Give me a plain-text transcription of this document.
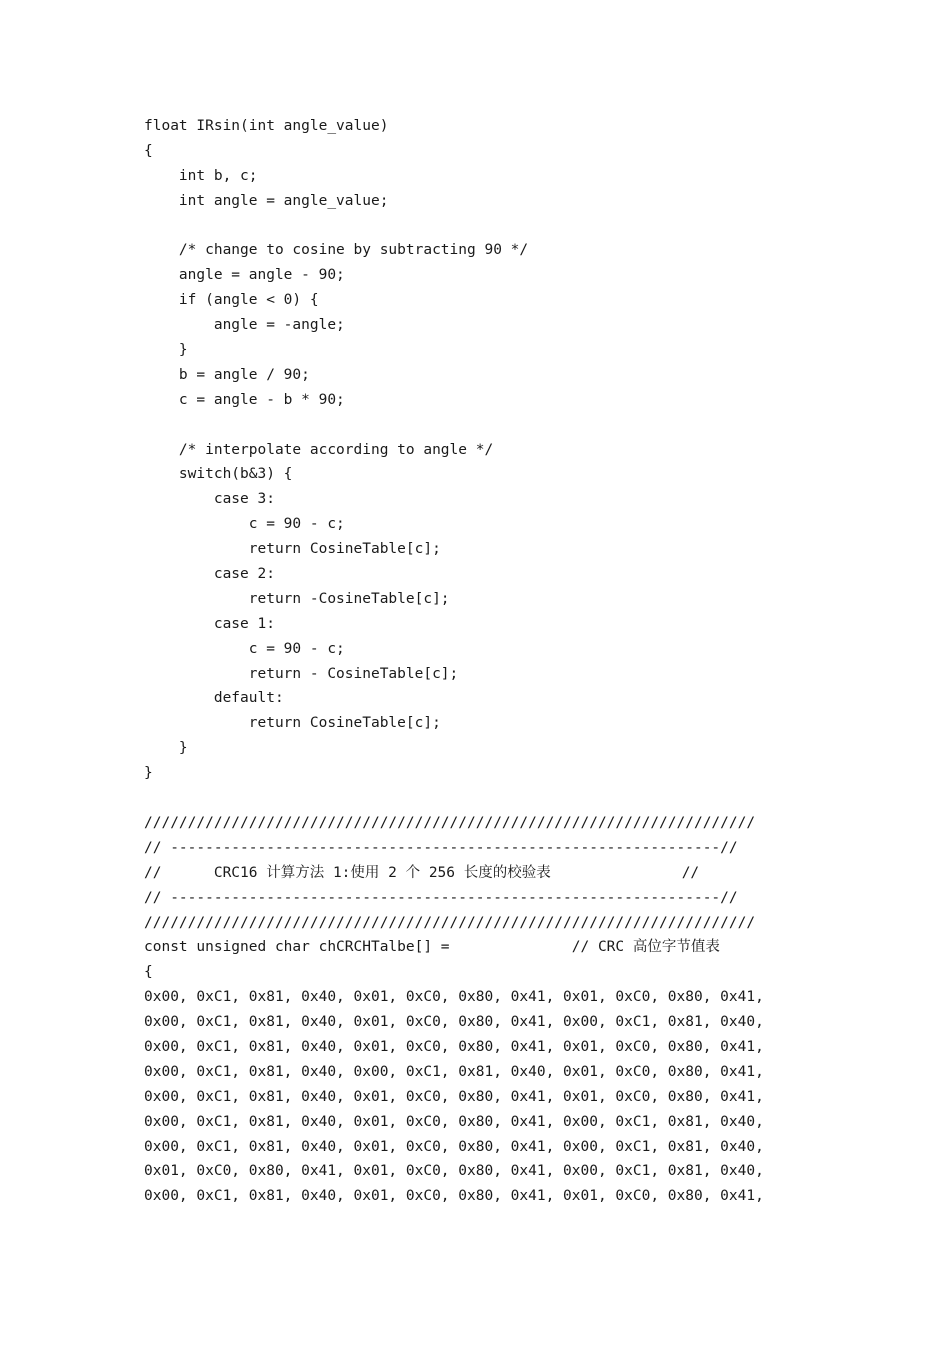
float IRsin(int angle_value)
{
int b, c;
int angle = angle_value;
/* change to cosine by subtracting 90 */
angle = angle - 90;
if (angle < 0) {
angle = -angle;
}
b = angle / 90;
c = angle - b * 90;
/* interpolate according to angle */
switch(b&3) {
case 3:
c = 90 - c;
return CosineTable[c];
case 2:
return -CosineTable[c];
case 1:
c = 90 - c;
return - CosineTable[c];
default:
return CosineTable[c];
}
}
//////////////////////////////////////////////////////////////////////
// ---------------------------------------------------------------//
//      CRC16 计算方法 1:使用 2 个 256 长度的校验表               //
// ---------------------------------------------------------------//
//////////////////////////////////////////////////////////////////////
const unsigned char chCRCHTalbe[] =              // CRC 高位字节值表
{
0x00, 0xC1, 0x81, 0x40, 0x01, 0xC0, 0x80, 0x41, 0x01, 0xC0, 0x80, 0x41,
0x00, 0xC1, 0x81, 0x40, 0x01, 0xC0, 0x80, 0x41, 0x00, 0xC1, 0x81, 0x40,
0x00, 0xC1, 0x81, 0x40, 0x01, 0xC0, 0x80, 0x41, 0x01, 0xC0, 0x80, 0x41,
0x00, 0xC1, 0x81, 0x40, 0x00, 0xC1, 0x81, 0x40, 0x01, 0xC0, 0x80, 0x41,
0x00, 0xC1, 0x81, 0x40, 0x01, 0xC0, 0x80, 0x41, 0x01, 0xC0, 0x80, 0x41,
0x00, 0xC1, 0x81, 0x40, 0x01, 0xC0, 0x80, 0x41, 0x00, 0xC1, 0x81, 0x40,
0x00, 0xC1, 0x81, 0x40, 0x01, 0xC0, 0x80, 0x41, 0x00, 0xC1, 0x81, 0x40,
0x01, 0xC0, 0x80, 0x41, 0x01, 0xC0, 0x80, 0x41, 0x00, 0xC1, 0x81, 0x40,
0x00, 0xC1, 0x81, 0x40, 0x01, 0xC0, 0x80, 0x41, 0x01, 0xC0, 0x80, 0x41,
